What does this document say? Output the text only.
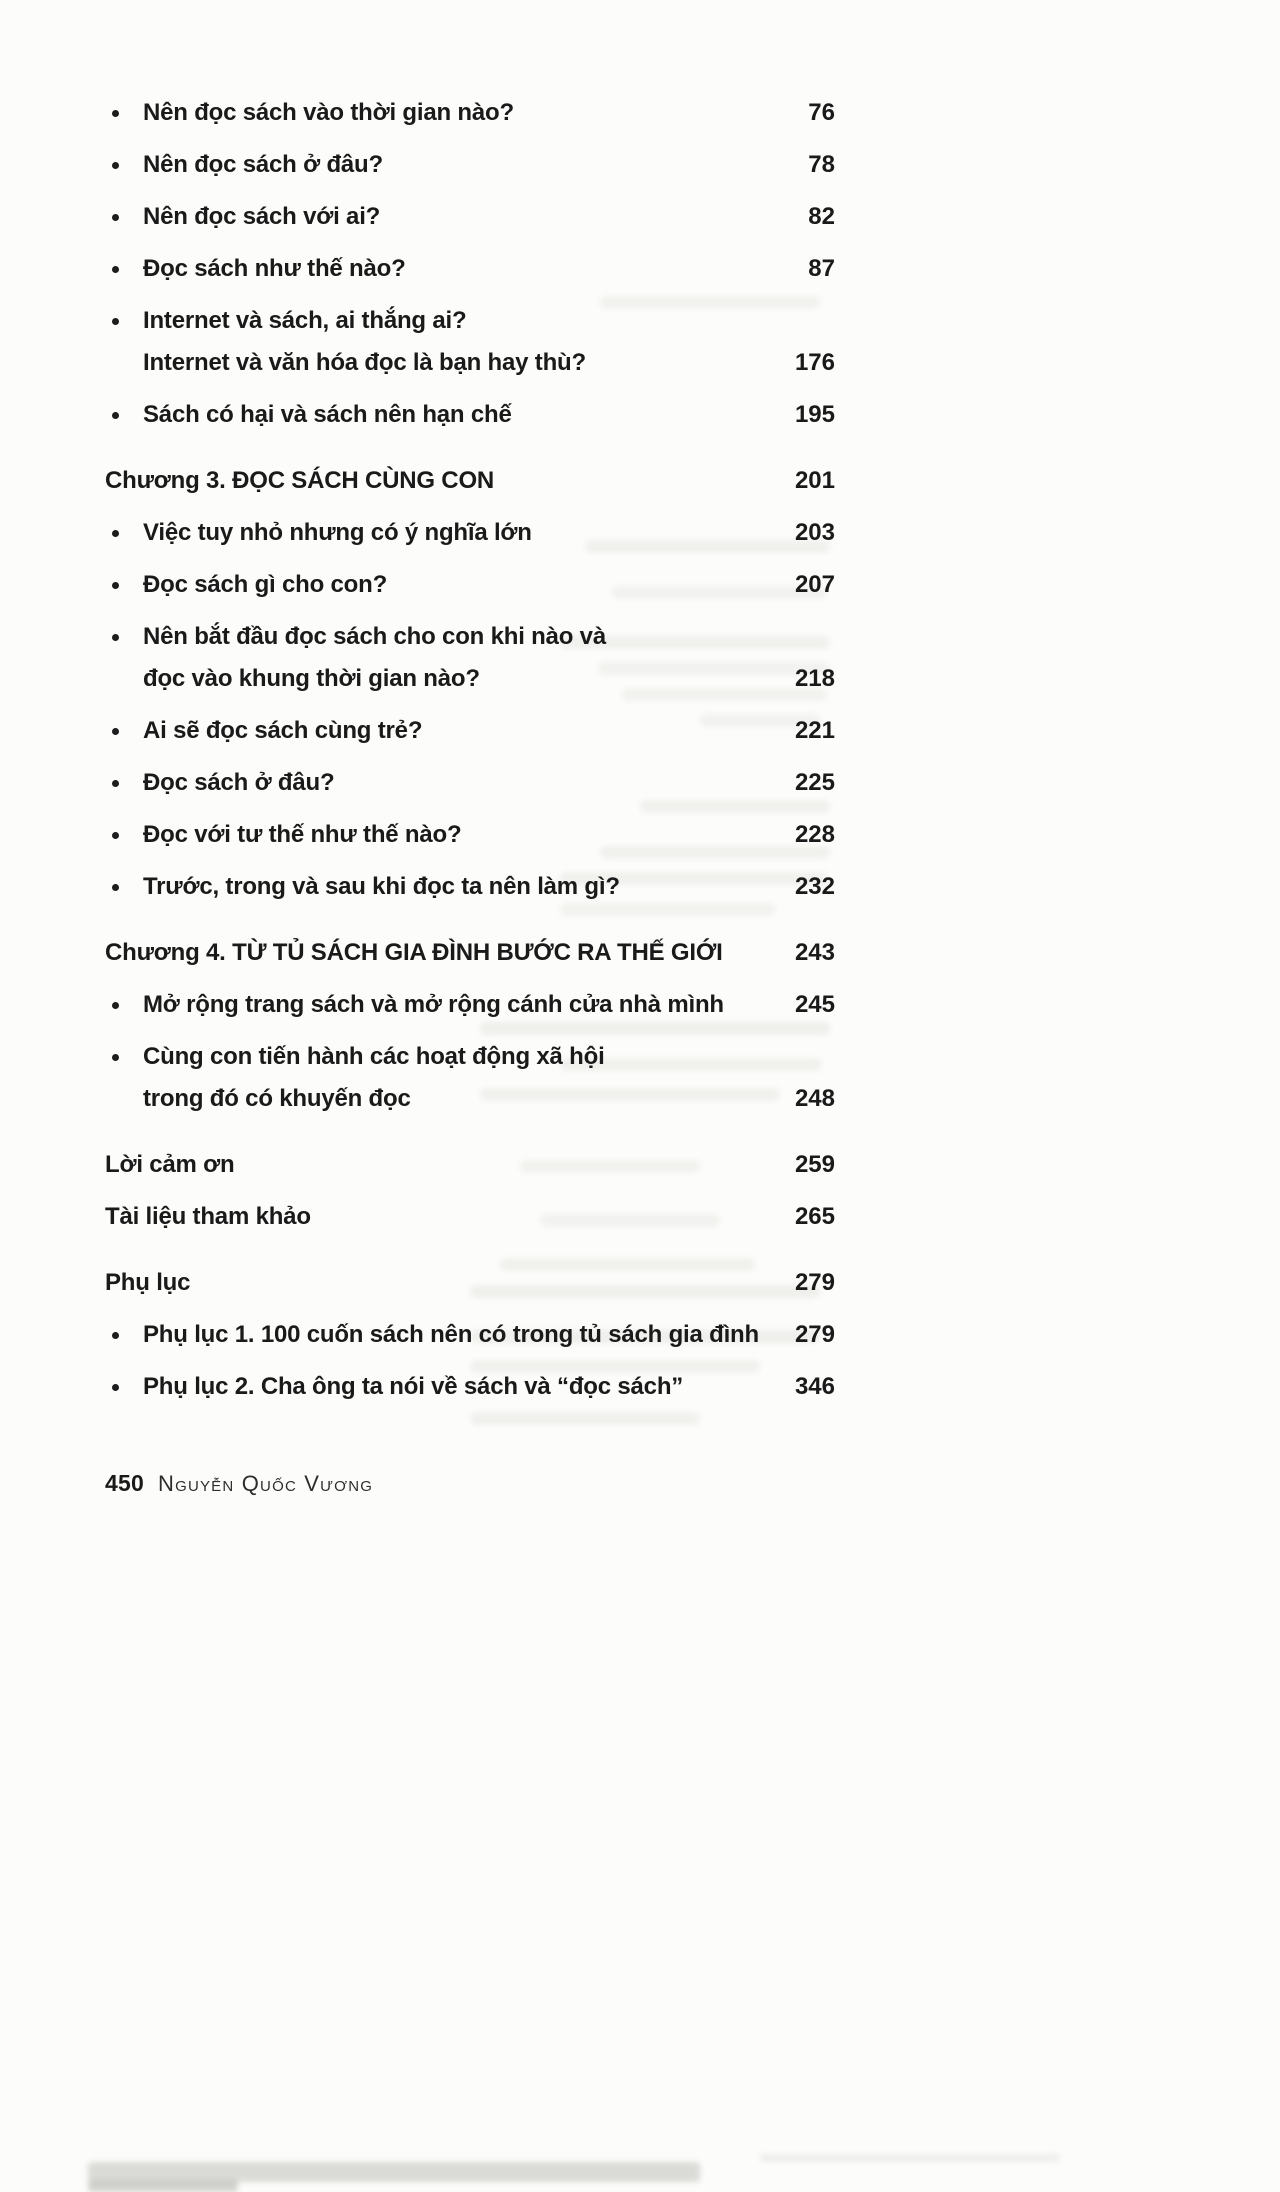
Nên đọc sách vào thời gian nào?	76
Nên đọc sách ở đâu?	78
Nên đọc sách với ai?	82
Đọc sách như thế nào?	87
Internet và sách, ai thắng ai?
Internet và văn hóa đọc là bạn hay thù?	176
Sách có hại và sách nên hạn chế	195
Chương 3. ĐỌC SÁCH CÙNG CON	201
Việc tuy nhỏ nhưng có ý nghĩa lớn	203
Đọc sách gì cho con?	207
Nên bắt đầu đọc sách cho con khi nào và
đọc vào khung thời gian nào?	218
Ai sẽ đọc sách cùng trẻ?	221
Đọc sách ở đâu?	225
Đọc với tư thế như thế nào?	228
Trước, trong và sau khi đọc ta nên làm gì?	232
Chương 4. TỪ TỦ SÁCH GIA ĐÌNH BƯỚC RA THẾ GIỚI	243
Mở rộng trang sách và mở rộng cánh cửa nhà mình	245
Cùng con tiến hành các hoạt động xã hội
trong đó có khuyến đọc	248
Lời cảm ơn	259
Tài liệu tham khảo	265
Phụ lục	279
Phụ lục 1. 100 cuốn sách nên có trong tủ sách gia đình 279
Phụ lục 2. Cha ông ta nói về sách và “đọc sách”	346
450 Nguyễn Quốc Vương
